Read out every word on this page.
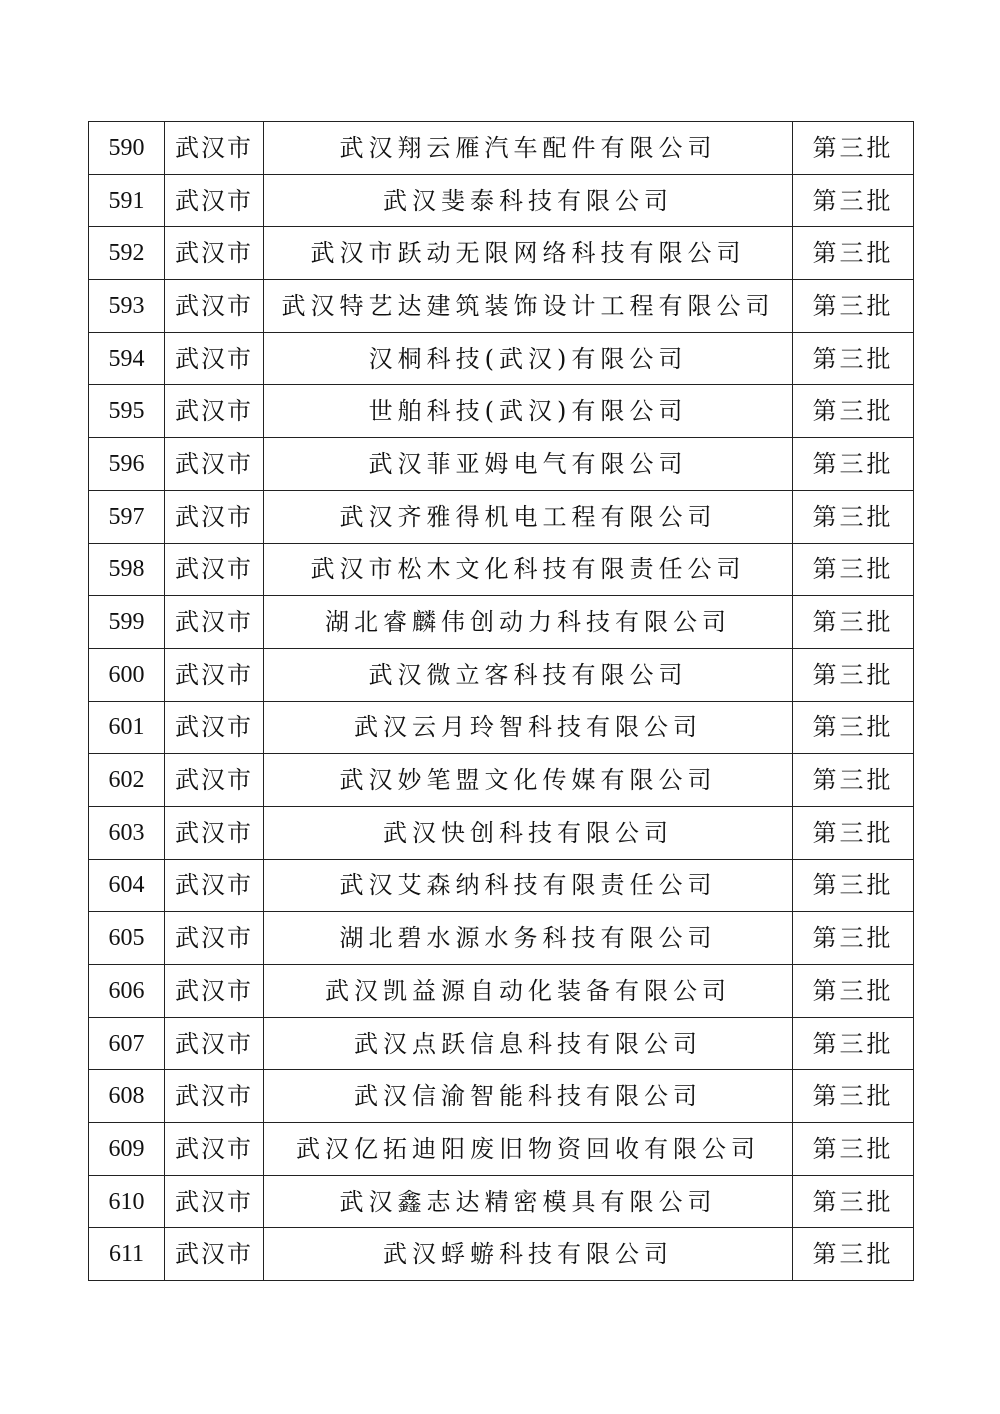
590	武汉市	武汉翔云雁汽车配件有限公司	第三批
591	武汉市	武汉斐泰科技有限公司	第三批
592	武汉市	武汉市跃动无限网络科技有限公司	第三批
593	武汉市	武汉特艺达建筑装饰设计工程有限公司	第三批
594	武汉市	汉桐科技(武汉)有限公司	第三批
595	武汉市	世舶科技(武汉)有限公司	第三批
596	武汉市	武汉菲亚姆电气有限公司	第三批
597	武汉市	武汉齐雅得机电工程有限公司	第三批
598	武汉市	武汉市松木文化科技有限责任公司	第三批
599	武汉市	湖北睿麟伟创动力科技有限公司	第三批
600	武汉市	武汉微立客科技有限公司	第三批
601	武汉市	武汉云月玲智科技有限公司	第三批
602	武汉市	武汉妙笔盟文化传媒有限公司	第三批
603	武汉市	武汉快创科技有限公司	第三批
604	武汉市	武汉艾森纳科技有限责任公司	第三批
605	武汉市	湖北碧水源水务科技有限公司	第三批
606	武汉市	武汉凯益源自动化装备有限公司	第三批
607	武汉市	武汉点跃信息科技有限公司	第三批
608	武汉市	武汉信渝智能科技有限公司	第三批
609	武汉市	武汉亿拓迪阳废旧物资回收有限公司	第三批
610	武汉市	武汉鑫志达精密模具有限公司	第三批
611	武汉市	武汉蜉蝣科技有限公司	第三批
